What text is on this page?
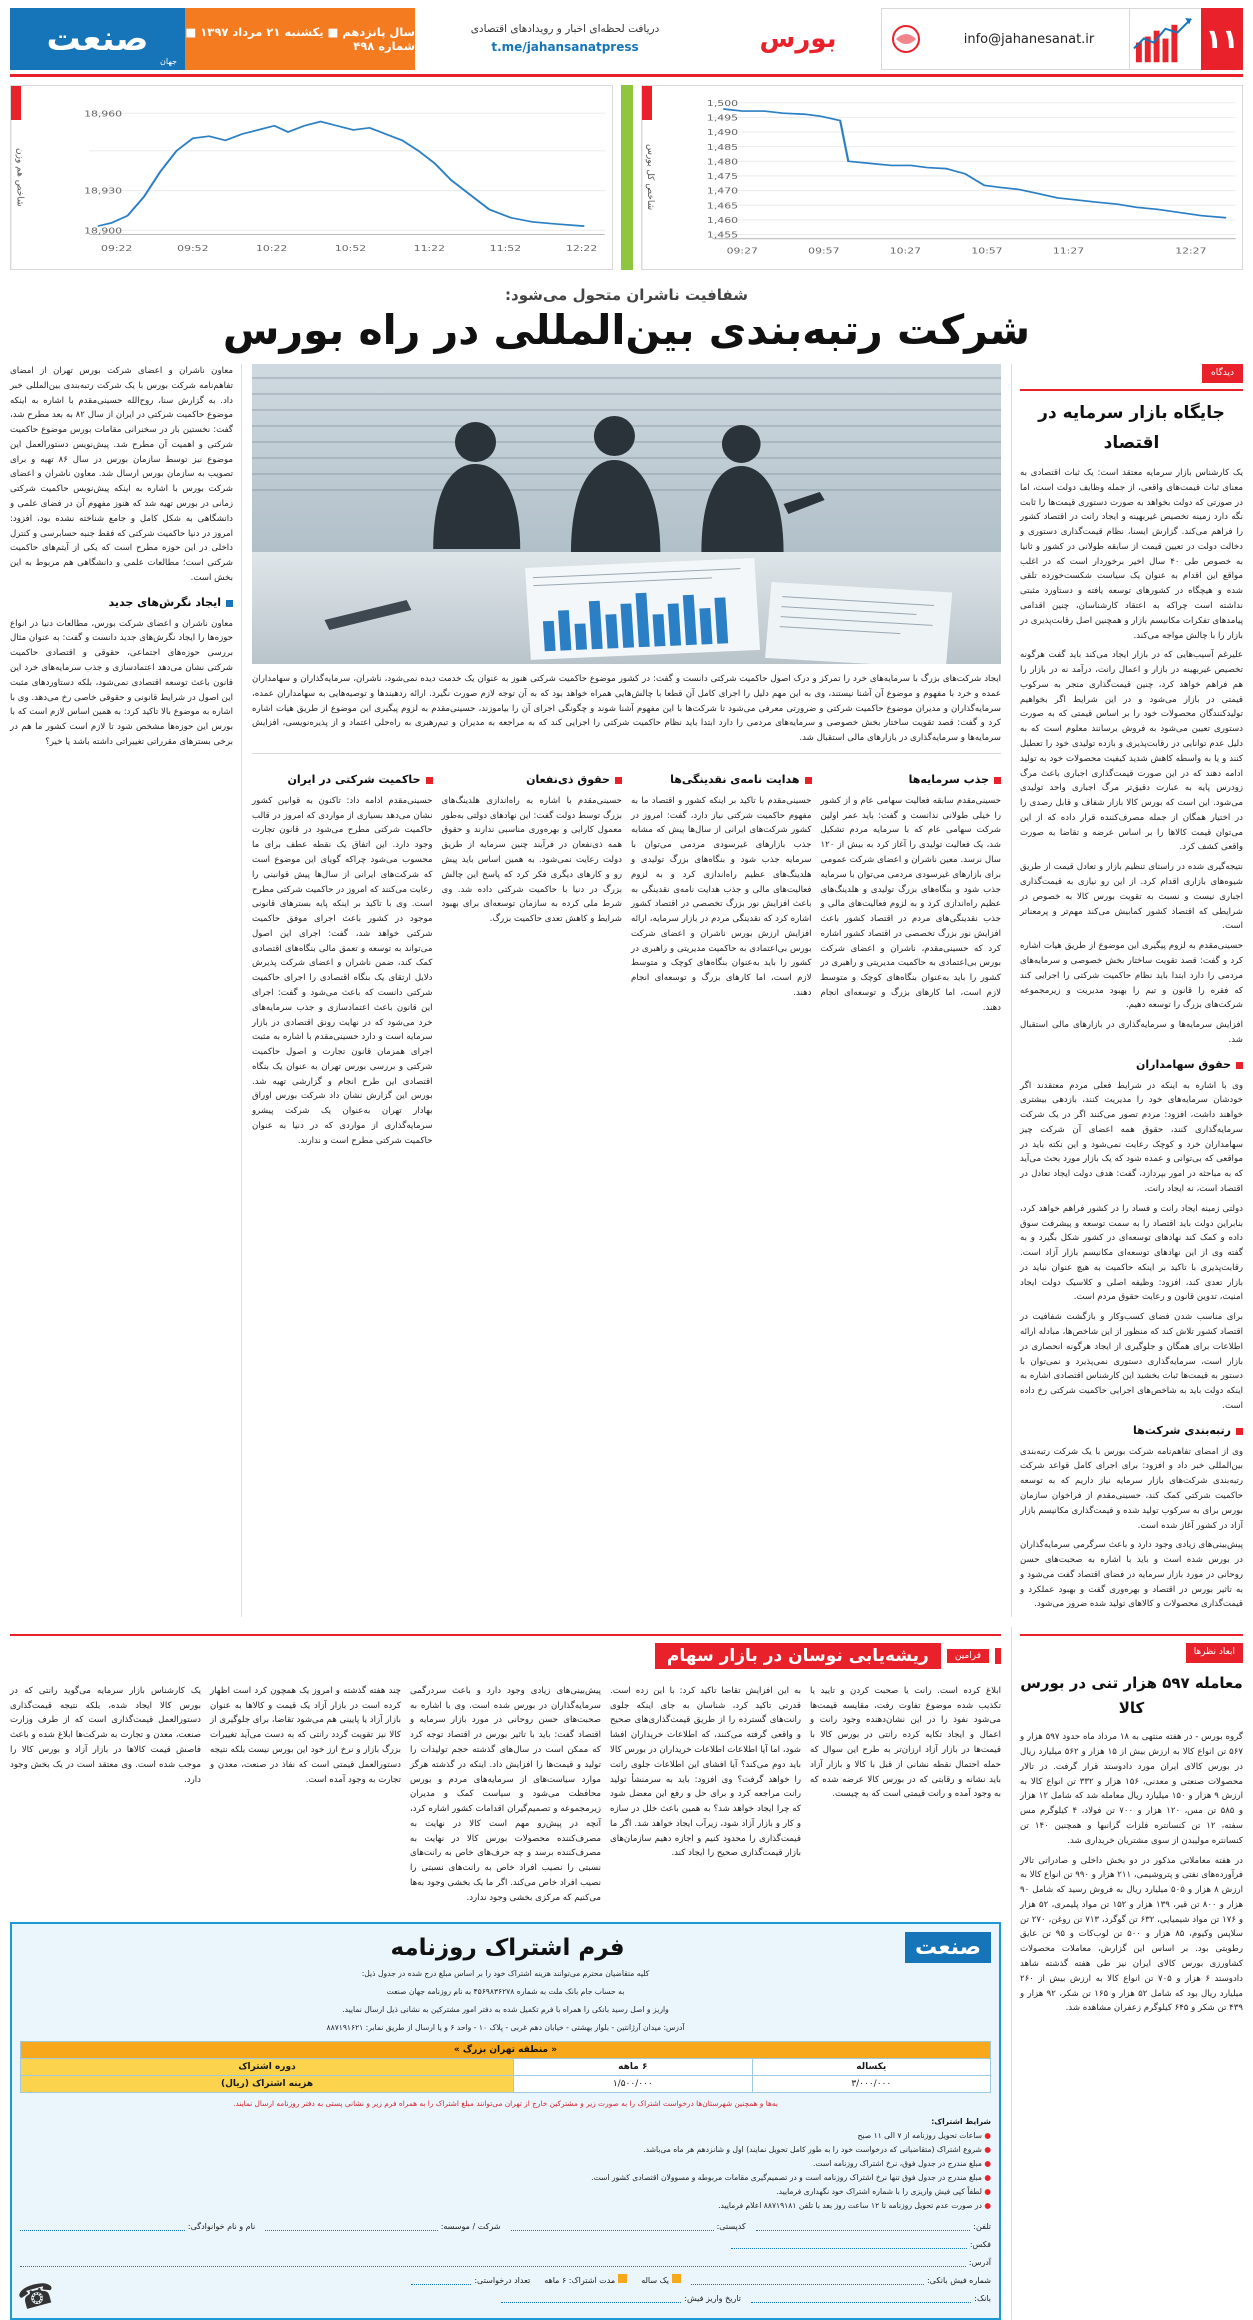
۱۱
info@jahanesanat.ir
بورس
دریافت لحظه‌ای اخبار و رویدادهای اقتصادی
t.me/jahansanatpress
سال پانزدهم ■ یکشنبه ۲۱ مرداد ۱۳۹۷ ■ شماره ۴۹۸
صنعت
جهان
1,500
1,495
1,490
1,485
1,480
1,475
1,470
1,465
1,460
1,455
09:27	09:57	10:27	10:57	11:27	12:27
شاخص کل بورس
18,960
18,930
18,900
09:22	09:52	10:22	10:52	11:22	11:52	12:22
شاخص هم وزن
شفافیت ناشران متحول می‌شود:
شرکت رتبه‌بندی بین‌المللی در راه بورس
دیدگاه
جایگاه بازار سرمایه در اقتصاد

یک کارشناس بازار سرمایه معتقد است: یک ثبات اقتصادی به معنای ثبات قیمت‌های واقعی، از جمله وظایف دولت است، اما در صورتی که دولت بخواهد به صورت دستوری قیمت‌ها را ثابت نگه دارد زمینه تخصیص غیربهینه و ایجاد رانت در اقتصاد کشور را فراهم می‌کند. گزارش ایسنا، نظام قیمت‌گذاری دستوری و دخالت دولت در تعیین قیمت از سابقه طولانی در کشور و ثانیا به خصوص طی ۴۰ سال اخیر برخوردار است که در اغلب مواقع این اقدام به عنوان یک سیاست شکست‌خورده تلقی شده و هیچگاه در کشورهای توسعه یافته و دستاورد مثبتی نداشته است چراکه به اعتقاد کارشناسان، چنین اقدامی پیامدهای تفکرات مکانیسم بازار و همچنین اصل رقابت‌پذیری در بازار را با چالش مواجه می‌کند.

علیرغم آسیب‌هایی که در بازار ایجاد می‌کند باید گفت هرگونه تخصیص غیربهینه در بازار و اعمال رانت، درآمد نه در بازار را هم فراهم خواهد کرد، چنین قیمت‌گذاری منجر به سرکوب قیمتی در بازار می‌شود و در این شرایط اگر بخواهیم تولیدکنندگان محصولات خود را بر اساس قیمتی که به صورت دستوری تعیین می‌شود به فروش برسانند معلوم است که به دلیل عدم توانایی در رقابت‌پذیری و بازده تولیدی خود را تعطیل کنند و یا به واسطه کاهش شدید کیفیت محصولات خود به تولید ادامه دهند که در این صورت قیمت‌گذاری اجباری باعث مرگ زودرس پایه به عبارت دقیق‌تر مرگ اجباری واحد تولیدی می‌شود. این است که بورس کالا بازار شفاف و قابل رصدی را در اختیار همگان از جمله مصرف‌کننده قرار داده که از این می‌توان قیمت کالاها را بر اساس عرضه و تقاضا به صورت واقعی کشف کرد.

نتیجه‌گیری شده در راستای تنظیم بازار و تعادل قیمت از طریق شیوه‌های بازاری اقدام کرد. از این رو نیازی به قیمت‌گذاری اجباری نیست و نسبت به تقویت بورس کالا به خصوص در شرایطی که اقتصاد کشور کمابیش می‌کند مهم‌تر و پرمعناتر است.

حسینی‌مقدم به لزوم پیگیری این موضوع از طریق هیات اشاره کرد و گفت: قصد تقویت ساختار بخش خصوصی و سرمایه‌های مردمی را دارد ابتدا باید نظام حاکمیت شرکتی را اجرایی کند که فقره را قانون و تیم را بهبود مدیریت و زیرمجموعه شرکت‌های بزرگ را توسعه دهیم.

افزایش سرمایه‌ها و سرمایه‌گذاری در بازارهای مالی استقبال شد.

حقوق سهامداران

وی با اشاره به اینکه در شرایط فعلی مردم معتقدند اگر خودشان سرمایه‌های خود را مدیریت کنند، بازدهی بیشتری خواهند داشت، افزود: مردم تصور می‌کنند اگر در یک شرکت سرمایه‌گذاری کنند، حقوق همه اعضای آن شرکت چیز سهامداران خرد و کوچک رعایت نمی‌شود و این نکته باید در مواقعی که بی‌توانی و عمده شود که یک بازار مورد بحث می‌آید که به مباحثه در امور بپردازد، گفت: هدف دولت ایجاد تعادل در اقتصاد است، نه ایجاد رانت.

دولتی زمینه ایجاد رانت و فساد را در کشور فراهم خواهد کرد، بنابراین دولت باید اقتصاد را به سمت توسعه و پیشرفت سوق داده و کمک کند نهادهای توسعه‌ای در کشور شکل بگیرد و به گفته وی از این نهادهای توسعه‌ای مکانیسم بازار آزاد است. رقابت‌پذیری با تاکید بر اینکه حاکمیت به هیچ عنوان نباید در بازار تعدی کند، افزود: وظیفه اصلی و کلاسیک دولت ایجاد امنیت، تدوین قانون و رعایت حقوق مردم است.

برای مناسب شدن فضای کسب‌وکار و بازگشت شفافیت در اقتصاد کشور تلاش کند که منظور از این شاخص‌ها، مبادله ارائه اطلاعات برای همگان و جلوگیری از ایجاد هرگونه انحصاری در بازار است، سرمایه‌گذاری دستوری نمی‌پذیرد و نمی‌توان با دستور به قیمت‌ها ثبات بخشید این کارشناس اقتصادی اشاره به اینکه دولت باید به شاخص‌های اجرایی حاکمیت شرکتی رخ داده است.

رتبه‌بندی شرکت‌ها

وی از امضای تفاهم‌نامه شرکت بورس با یک شرکت رتبه‌بندی بین‌المللی خبر داد و افزود: برای اجرای کامل قواعد شرکت رتبه‌بندی شرکت‌های بازار سرمایه نیاز داریم که به توسعه حاکمیت شرکتی کمک کند، حسینی‌مقدم از فراخوان سازمان بورس برای به سرکوب تولید شده و قیمت‌گذاری مکانیسم بازار آزاد در کشور آغاز شده است.

پیش‌بینی‌های زیادی وجود دارد و باعث سرگرمی سرمایه‌گذاران در بورس شده است و باید با اشاره به صحبت‌های حسن روحانی در مورد بازار سرمایه در فضای اقتصاد گفت می‌شود و به تاثیر بورس در اقتصاد و بهره‌وری گفت و بهبود عملکرد و قیمت‌گذاری محصولات و کالاهای تولید شده ضرور می‌شود.

ایجاد شرکت‌های بزرگ با سرمایه‌های خرد را تمرکز و درک اصول حاکمیت شرکتی دانست و گفت: در کشور موضوع حاکمیت شرکتی هنوز به عنوان یک خدمت دیده نمی‌شود، ناشران، سرمایه‌گذاران و سهامداران عمده و خرد با مفهوم و موضوع آن آشنا نیستند، وی به این مهم دلیل را اجرای کامل آن قطعا با چالش‌هایی همراه خواهد بود که به آن توجه لازم صورت نگیرد. ارائه ردهبندها و توصیه‌هایی به سهامداران عمده، سرمایه‌گذاران و مدیران موضوع حاکمیت شرکتی و ضرورتی معرفی می‌شود تا شرکت‌ها با این مفهوم آشنا شوند و چگونگی اجرای آن را بیاموزند، حسینی‌مقدم به لزوم پیگیری این موضوع از طریق هیات اشاره کرد و گفت: قصد تقویت ساختار بخش خصوصی و سرمایه‌های مردمی را دارد ابتدا باید نظام حاکمیت شرکتی را اجرایی کند که به مراجعه به مدیران و تیم‌رهبری به راه‌حلی اعتماد و از پذیره‌نویسی، افزایش سرمایه‌ها و سرمایه‌گذاری در بازارهای مالی استقبال شد.

جذب سرمایه‌ها

حسینی‌مقدم سابقه فعالیت سهامی عام و از کشور را خیلی طولانی ندانست و گفت: باید عمر اولین شرکت سهامی عام که با سرمایه مردم تشکیل شد، یک فعالیت تولیدی را آغاز کرد به بیش از ۱۲۰ سال نرسد. معین ناشران و اعضای شرکت عمومی برای بازارهای غیرسودی مردمی می‌توان با سرمایه جذب شود و بنگاه‌های بزرگ تولیدی و هلدینگ‌های عظیم راه‌اندازی کرد و به لزوم فعالیت‌های مالی و جذب نقدینگی‌های مردم در اقتصاد کشور باعث افزایش نور بزرگ تخصصی در اقتصاد کشور اشاره کرد که حسینی‌مقدم، ناشران و اعضای شرکت بورس بی‌اعتمادی به حاکمیت مدیریتی و راهبری در کشور را باید به‌عنوان بنگاه‌های کوچک و متوسط لازم است، اما کارهای بزرگ و توسعه‌ای انجام دهند.

هدایت نامه‌ی نقدینگی‌ها

حسینی‌مقدم با تاکید بر اینکه کشور و اقتصاد ما به مفهوم حاکمیت شرکتی نیاز دارد، گفت: امروز در کشور شرکت‌های ایرانی از سال‌ها پیش که مشابه جذب بازارهای غیرسودی مردمی می‌توان با سرمایه جذب شود و بنگاه‌های بزرگ تولیدی و هلدینگ‌های عظیم راه‌اندازی کرد و به لزوم فعالیت‌های مالی و جذب هدایت نامه‌ی نقدینگی به باعث افزایش نور بزرگ تخصصی در اقتصاد کشور اشاره کرد که نقدینگی مردم در بازار سرمایه، ارائه افزایش ارزش بورس ناشران و اعضای شرکت بورس بی‌اعتمادی به حاکمیت مدیریتی و راهبری در کشور را باید به‌عنوان بنگاه‌های کوچک و متوسط لازم است، اما کارهای بزرگ و توسعه‌ای انجام دهند.

حقوق ذی‌نفعان

حسینی‌مقدم با اشاره به راه‌اندازی هلدینگ‌های بزرگ توسط دولت گفت: این نهادهای دولتی به‌طور معمول کارایی و بهره‌وری مناسبی ندارند و حقوق همه ذی‌نفعان در فرآیند چنین سرمایه از طریق دولت رعایت نمی‌شود. به همین اساس باید پیش رو و کارهای دیگری فکر کرد که پاسخ این چالش بزرگ در دنیا با حاکمیت شرکتی داده شد. وی شرط ملی کرده به سازمان توسعه‌ای برای بهبود شرایط و کاهش تعدی حاکمیت بزرگ.

حاکمیت شرکتی در ایران

حسینی‌مقدم ادامه داد: تاکنون به قوانین کشور نشان می‌دهد بسیاری از مواردی که امروز در قالب حاکمیت شرکتی مطرح می‌شود در قانون تجارت وجود دارد. این اتفاق یک نقطه عطف برای ما محسوب می‌شود چراکه گویای این موضوع است که شرکت‌های ایرانی از سال‌ها پیش قوانینی را رعایت می‌کنند که امروز در حاکمیت شرکتی مطرح است. وی با تاکید بر اینکه پایه بسترهای قانونی موجود در کشور باعث اجرای موفق حاکمیت شرکتی خواهد شد، گفت: اجرای این اصول می‌تواند به توسعه و تعمق مالی بنگاه‌های اقتصادی کمک کند، ضمن ناشران و اعضای شرکت پذیرش دلایل ارتقای یک بنگاه اقتصادی را اجرای حاکمیت شرکتی دانست که باعث می‌شود و گفت: اجرای این قانون باعث اعتمادسازی و جذب سرمایه‌های خرد می‌شود که در نهایت رونق اقتصادی در بازار سرمایه است و دارد حسینی‌مقدم با اشاره به مثبت اجرای همزمان قانون تجارت و اصول حاکمیت شرکتی و بررسی بورس تهران به عنوان یک بنگاه اقتصادی این طرح انجام و گزارشی تهیه شد. بورس این گزارش نشان داد شرکت بورس اوراق بهادار تهران به‌عنوان یک شرکت پیشرو سرمایه‌گذاری از مواردی که در دنیا به عنوان حاکمیت شرکتی مطرح است و ندارند.

معاون ناشران و اعضای شرکت بورس تهران از امضای تفاهم‌نامه شرکت بورس با یک شرکت رتبه‌بندی بین‌المللی خبر داد. به گزارش سنا، روح‌الله حسینی‌مقدم با اشاره به اینکه موضوع حاکمیت شرکتی در ایران از سال ۸۲ به بعد مطرح شد، گفت: نخستین بار در سخنرانی مقامات بورس موضوع حاکمیت شرکتی و اهمیت آن مطرح شد. پیش‌نویس دستورالعمل این موضوع نیز توسط سازمان بورس در سال ۸۶ تهیه و برای تصویب به سازمان بورس ارسال شد. معاون ناشران و اعضای شرکت بورس با اشاره به اینکه پیش‌نویس حاکمیت شرکتی زمانی در بورس تهیه شد که هنوز مفهوم آن در فضای علمی و دانشگاهی به شکل کامل و جامع شناخته نشده بود، افزود: امروز در دنیا حاکمیت شرکتی که فقط جنبه حسابرسی و کنترل داخلی در این حوزه مطرح است که یکی از آیتم‌های حاکمیت شرکتی است؛ مطالعات علمی و دانشگاهی هم مربوط به این بخش است.

ایجاد نگرش‌های جدید

معاون ناشران و اعضای شرکت بورس، مطالعات دنیا در انواع حوزه‌ها را ایجاد نگرش‌های جدید دانست و گفت: به عنوان مثال بررسی حوزه‌های اجتماعی، حقوقی و اقتصادی حاکمیت شرکتی نشان می‌دهد اعتمادسازی و جذب سرمایه‌های خرد این قانون باعث توسعه اقتصادی نمی‌شود، بلکه دستاوردهای مثبت این اصول در شرایط قانونی و حقوقی خاصی رخ می‌دهد. وی با اشاره به موضوع بالا تاکید کرد: به همین اساس لازم است که با بورس این حوزه‌ها مشخص شود تا لازم است کشور ما هم در برخی بسترهای مقرراتی تغییراتی داشته باشد یا خیر؟

ابعاد نظرها
معامله ۵۹۷ هزار تنی در بورس کالا

گروه بورس - در هفته منتهی به ۱۸ مرداد ماه حدود ۵۹۷ هزار و ۵۶۷ تن انواع کالا به ارزش بیش از ۱۵ هزار و ۵۶۲ میلیارد ریال در بورس کالای ایران مورد دادوستد قرار گرفت. در تالار محصولات صنعتی و معدنی، ۱۵۶ هزار و ۳۳۲ تن انواع کالا به ارزش ۹ هزار و ۱۵۰ میلیارد ریال معامله شد که شامل ۱۲ هزار و ۵۸۵ تن مس، ۱۲۰ هزار و ۷۰۰ تن فولاد، ۴ کیلوگرم مس سفته، ۱۲ تن کنسانتره فلزات گرانبها و همچنین ۱۴۰ تن کنسانتره مولیبدن از سوی مشتریان خریداری شد.

در هفته معاملاتی مذکور در دو بخش داخلی و صادراتی تالار فرآورده‌های نفتی و پتروشیمی، ۲۱۱ هزار و ۹۹۰ تن انواع کالا به ارزش ۸ هزار و ۵۰۵ میلیارد ریال به فروش رسید که شامل ۹۰ هزار و ۸۰۰ تن قیر، ۱۳۹ هزار و ۱۵۲ تن مواد پلیمری، ۵۲ هزار و ۱۷۶ تن مواد شیمیایی، ۶۳۲ تن گوگرد، ۷۱۳ تن روغن، ۲۷۰ تن سلاپس وکیوم، ۸۵ هزار و ۵۰۰ تن لوب‌کات و ۹۵ تن عایق رطوبتی بود. بر اساس این گزارش، معاملات محصولات کشاورزی بورس کالای ایران نیز طی هفته گذشته شاهد دادوستد ۶ هزار و ۷۰۵ تن انواع کالا به ارزش بیش از ۲۶۰ میلیارد ریال بود که شامل ۵۲ هزار و ۱۶۵ تن شکر، ۹۲ هزار و ۴۳۹ تن شکر و ۶۴۵ کیلوگرم زعفران مشاهده شد.

فرامین
ریشه‌یابی نوسان در بازار سهام

ابلاغ کرده است. رانت یا صحبت کردن و تایید یا تکذیب شده موضوع تفاوت رفت، مقایسه قیمت‌ها می‌شود نفوذ را در این نشان‌دهنده وجود رانت و اعمال و ایجاد تکایه کرده رانتی در بورس کالا با قیمت‌ها در بازار آزاد ارزان‌تر به طرح این سوال که حمله احتمال نقطه نشانی از قبل با کالا و بازار آزاد باید نشانه و رقابتی که در بورس کالا عرضه شده که به وجود آمده و رانت قیمتی است که به چیست.

به‌ این افزایش تقاضا تاکید کرد: با این زده است. قدرتی تاکید کرد، شناسان به جای اینکه جلوی رانت‌های گسترده را از طریق قیمت‌گذاری‌های صحیح و واقعی گرفته می‌کنند، که اطلاعات خریداران افشا شود، اما آیا اطلاعات اطلاعات خریداران در بورس کالا باید دوم می‌کند؟ آیا افشای این اطلاعات جلوی رانت را خواهد گرفت؟ وی افزود: باید به سرمنشأ تولید رانت مراجعه کرد و برای حل و رفع این معضل شود که چرا ایجاد خواهد شد؟ به‌ همین باعث خلل در سازه و کار و بازار آزاد شود، زیرآب ایجاد خواهد شد. اگر ما قیمت‌گذاری را محدود کنیم و اجازه دهیم سازمان‌های بازار قیمت‌گذاری صحیح را ایجاد کند.

پیش‌بینی‌های زیادی وجود دارد و باعث سردرگمی سرمایه‌گذاران در بورس شده است. وی با اشاره به صحبت‌های حسن روحانی در مورد بازار سرمایه و اقتصاد گفت: باید با تاثیر بورس در اقتصاد توجه کرد که ممکن است در سال‌های گذشته حجم تولیدات را تولید و قیمت‌ها را افزایش داد. اینکه در گذشته هرگز موارد سیاست‌های از سرمایه‌های مردم و بورس محافظت می‌شود و سیاست کمک و مدیران زیرمجموعه و تصمیم‌گیران اقدامات کشور اشاره کرد، آنچه در پیش‌رو مهم است کالا در نهایت به مصرف‌کننده محصولات بورس کالا در نهایت به مصرف‌کننده برسد و چه حرف‌های خاص به رانت‌های نسبتی را نصیب افراد خاص به رانت‌های نسبتی را نصیب افراد خاص می‌کند. اگر ما یک بخشی وجود به‌ها می‌کنیم که مرکزی بخشی وجود ندارد.

چند هفته گذشته و امروز یک همچون کرد است اظهار کرده است در بازار آزاد یک قیمت و کالاها به‌ عنوان بازار آزاد یا پایینی هم می‌شود تقاضا، برای جلوگیری از کالا نیز تقویت گردد رانتی که به‌ دست می‌آید تغییرات بزرگ بازار و نرخ ارز خود این بورس نیست بلکه نتیجه دستورالعمل قیمتی است که نفاذ در صنعت، معدن و تجارت به وجود آمده است.

یک کارشناس بازار سرمایه می‌گوید رانتی که در بورس کالا ایجاد شده، بلکه نتیجه قیمت‌گذاری دستورالعمل قیمت‌گذاری است که از طرف وزارت صنعت، معدن و تجارت به شرکت‌ها ابلاغ شده و باعث فاصش قیمت کالاها در بازار آزاد و بورس کالا را موجب شده است. وی معتقد است در یک بخش وجود دارد.

صنعت
فرم اشتراک روزنامه
کلیه متقاضیان محترم می‌توانند هزینه اشتراک خود را بر اساس مبلغ درج شده در جدول ذیل:
به حساب جام بانک ملت به شماره ۴۵۶۹۸۳۶۲۷۸ به نام روزنامه جهان صنعت
واریز و اصل رسید بانکی را همراه با فرم تکمیل شده به دفتر امور مشترکین به نشانی ذیل ارسال نمایید.
آدرس: میدان آرژانتین - بلوار بهشتی - خیابان دهم غربی - پلاک ۱۰ - واحد ۶ و یا ارسال از طریق نمابر: ۸۸۷۱۹۱۶۲۱
« منطقه تهران بزرگ »		
یکساله	۶ ماهه	دوره اشتراک
۳/۰۰۰/۰۰۰	۱/۵۰۰/۰۰۰	هزینه اشتراک (ریال)
به‌ها و همچنین شهرستان‌ها درخواست اشتراک را به صورت زیر و مشترکین خارج از تهران می‌توانند مبلغ اشتراک را به همراه فرم زیر و نشانی پستی به دفتر روزنامه ارسال نمایند.
شرایط اشتراک:
● ساعات تحویل روزنامه از ۷ الی ۱۱ صبح
● شروع اشتراک (متقاضیانی که درخواست خود را به طور کامل تحویل نمایند) اول و شانزدهم هر ماه می‌باشد.
● مبلغ مندرج در جدول فوق، نرخ اشتراک روزنامه است.
● مبلغ مندرج در جدول فوق تنها نرخ اشتراک روزنامه است و در تصمیم‌گیری مقامات مربوطه و مسوولان اقتصادی کشور است.
● لطفاً کپی فیش واریزی را با شماره اشتراک خود نگهداری فرمایید.
● در صورت عدم تحویل روزنامه تا ۱۲ ساعت روز بعد با تلفن ۸۸۷۱۹۱۸۱ اعلام فرمایید.
تلفن:
کدپستی:
شرکت / موسسه:
نام و نام خوانوادگی:
فکس:
آدرس:
شماره فیش بانکی:
یک ساله
مدت اشتراک: ۶ ماهه
تعداد درخواستی:
بانک:
تاریخ واریز فیش:
☎
